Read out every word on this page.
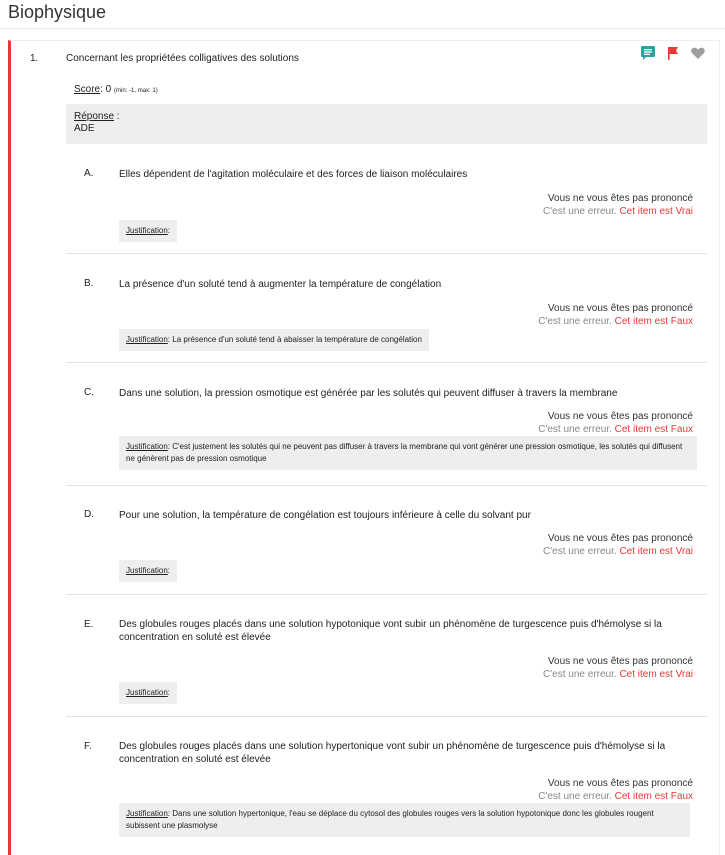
Biophysique
1.	Concernant les propriétées colligatives des solutions
Score: 0 (min: -1, max: 1)
Réponse :
ADE
A.	Elles dépendent de l'agitation moléculaire et des forces de liaison moléculaires
Vous ne vous êtes pas prononcé
C'est une erreur. Cet item est Vrai
Justification:
B.	La présence d'un soluté tend à augmenter la température de congélation
Vous ne vous êtes pas prononcé
C'est une erreur. Cet item est Faux
Justification: La présence d'un soluté tend à abaisser la température de congélation
C.	Dans une solution, la pression osmotique est générée par les solutés qui peuvent diffuser à travers la membrane
Vous ne vous êtes pas prononcé
C'est une erreur. Cet item est Faux
Justification: C'est justement les solutés qui ne peuvent pas diffuser à travers la membrane qui vont générer une pression osmotique, les solutés qui diffusent ne génèrent pas de pression osmotique
D.	Pour une solution, la température de congélation est toujours inférieure à celle du solvant pur
Vous ne vous êtes pas prononcé
C'est une erreur. Cet item est Vrai
Justification:
E.	Des globules rouges placés dans une solution hypotonique vont subir un phénomène de turgescence puis d'hémolyse si la concentration en soluté est élevée
Vous ne vous êtes pas prononcé
C'est une erreur. Cet item est Vrai
Justification:
F.	Des globules rouges placés dans une solution hypertonique vont subir un phénomène de turgescence puis d'hémolyse si la concentration en soluté est élevée
Vous ne vous êtes pas prononcé
C'est une erreur. Cet item est Faux
Justification: Dans une solution hypertonique, l'eau se déplace du cytosol des globules rouges vers la solution hypotonique donc les globules rougent subissent une plasmolyse
